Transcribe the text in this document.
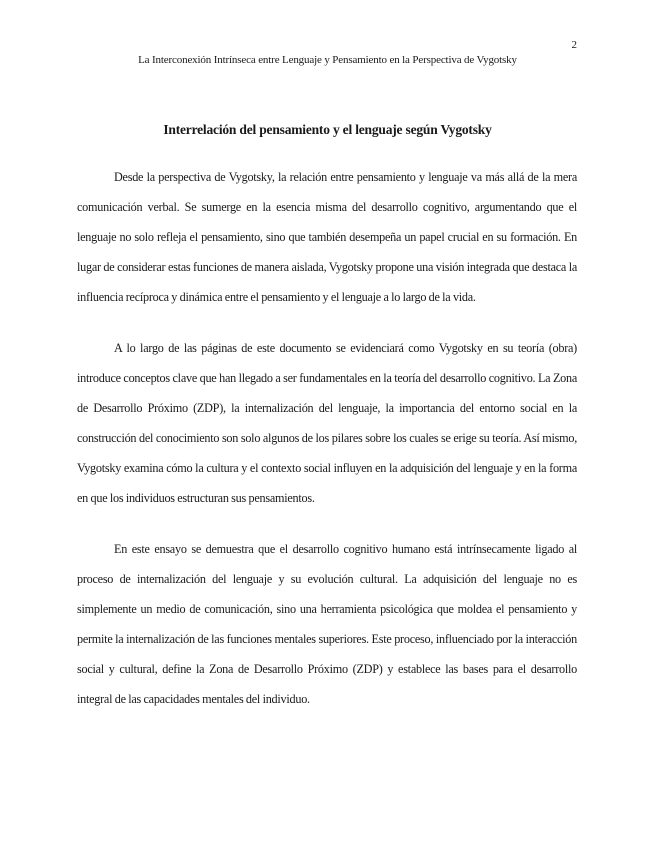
2
La Interconexión Intrínseca entre Lenguaje y Pensamiento en la Perspectiva de Vygotsky
Interrelación del pensamiento y el lenguaje según Vygotsky

Desde la perspectiva de Vygotsky, la relación entre pensamiento y lenguaje va más allá de la mera comunicación verbal. Se sumerge en la esencia misma del desarrollo cognitivo, argumentando que el lenguaje no solo refleja el pensamiento, sino que también desempeña un papel crucial en su formación. En lugar de considerar estas funciones de manera aislada, Vygotsky propone una visión integrada que destaca la influencia recíproca y dinámica entre el pensamiento y el lenguaje a lo largo de la vida.

A lo largo de las páginas de este documento se evidenciará como Vygotsky en su teoría (obra) introduce conceptos clave que han llegado a ser fundamentales en la teoría del desarrollo cognitivo. La Zona de Desarrollo Próximo (ZDP), la internalización del lenguaje, la importancia del entorno social en la construcción del conocimiento son solo algunos de los pilares sobre los cuales se erige su teoría. Así mismo, Vygotsky examina cómo la cultura y el contexto social influyen en la adquisición del lenguaje y en la forma en que los individuos estructuran sus pensamientos.

En este ensayo se demuestra que el desarrollo cognitivo humano está intrínsecamente ligado al proceso de internalización del lenguaje y su evolución cultural. La adquisición del lenguaje no es simplemente un medio de comunicación, sino una herramienta psicológica que moldea el pensamiento y permite la internalización de las funciones mentales superiores. Este proceso, influenciado por la interacción social y cultural, define la Zona de Desarrollo Próximo (ZDP) y establece las bases para el desarrollo integral de las capacidades mentales del individuo.
